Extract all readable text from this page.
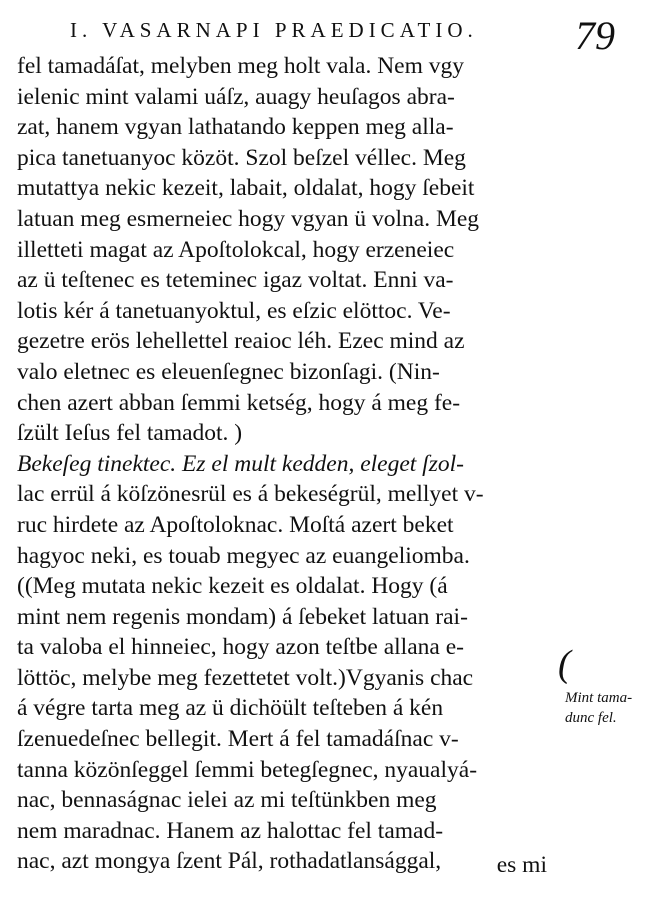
I. VASARNAPI PRAEDICATIO. 79
fel tamadáſat, melyben meg holt vala. Nem vgy
ielenic mint valami uáſz, auagy heuſagos abra-
zat, hanem vgyan lathatando keppen meg alla-
pica tanetuanyoc közöt. Szol beſzel vélleс. Meg
mutattya nekic kezeit, labait, oldalat, hogy ſebeit
latuan meg esmerneiec hogy vgyan ü volna. Meg
illetteti magat az Apoſtolokcal, hogy erzeneiec
az ü teſtenec es teteminec igaz voltat. Enni va-
lotis kér á tanetuanyoktul, es eſzic elöttoc. Ve-
gezetre erös lehellettel reaioc léh. Ezec mind az
valo eletnec es eleuenſegnec bizonſagi. (Nin-
chen azert abban ſemmi ketség, hogy á meg fe-
ſzült Ieſus fel tamadot. )
Bekeſeg tinektec. Ez el mult kedden, eleget ſzol-
lac errül á köſzönesrül es á bekeségrül, mellyet v-
ruc hirdete az Apoſtoloknac. Moſtá azert beket
hagyoc neki, es touab megyec az euangeliomba.
((Meg mutata nekic kezeit es oldalat. Hogy (á
mint nem regenis mondam) á ſebeket latuan rai-
ta valoba el hinneiec, hogy azon teſtbe allana e-
löttöc, melybe meg fezettetet volt.)Vgyanis chac
á végre tarta meg az ü dichöült teſteben á kén
ſzenuedeſnec bellegit. Mert á fel tamadáſnac v-
tanna közönſeggel ſemmi betegſegnec, nyaualyá-
nac, bennaságnac ielei az mi teſtünkben meg
nem maradnac. Hanem az halottac fel tamad-
nac, azt mongya ſzent Pál, rothadatlansággal,
(
Mint tama-
dunc fel.
es mi
